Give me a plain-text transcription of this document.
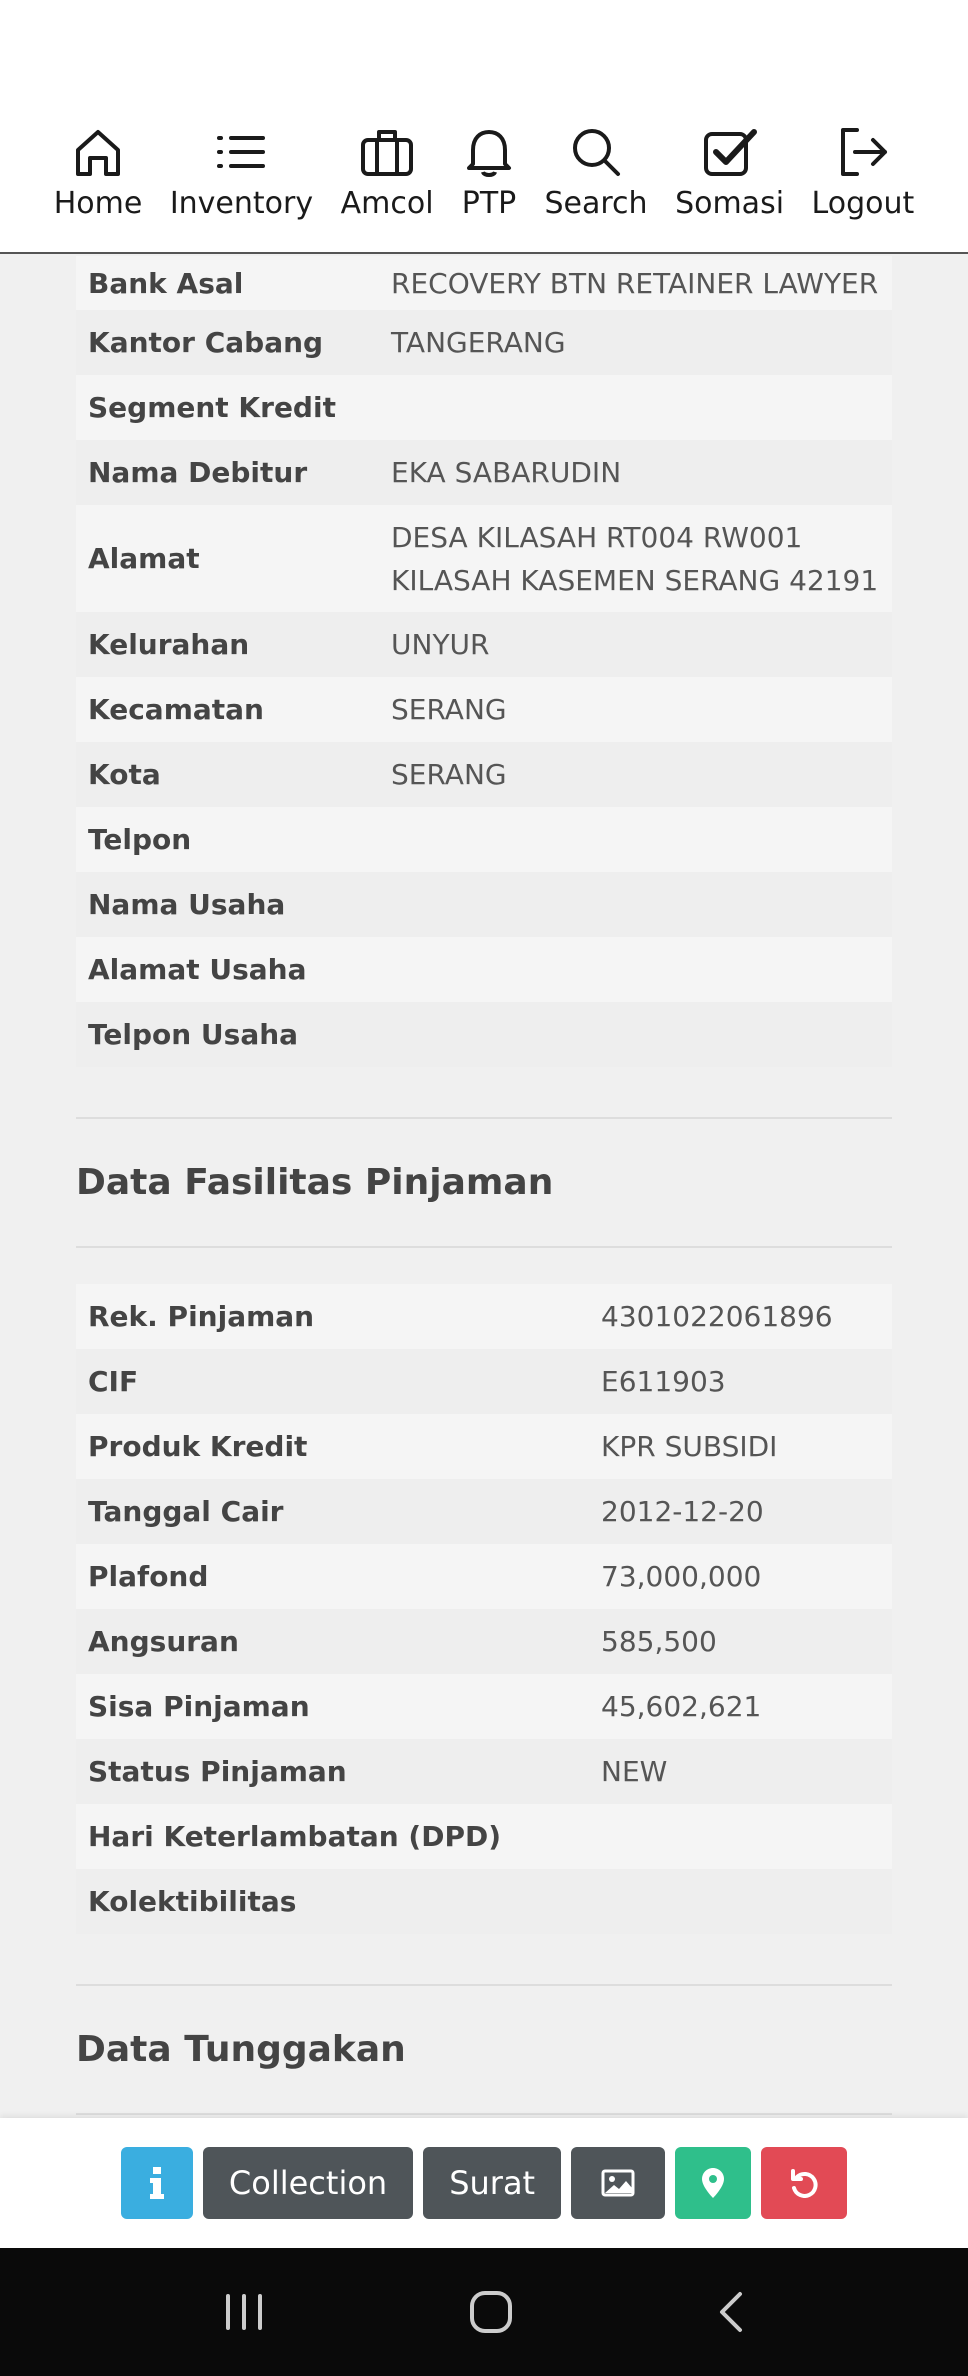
Home Inventory Amcol PTP Search Somasi Logout
Bank Asal	RECOVERY BTN RETAINER LAWYER
Kantor Cabang	TANGERANG
Segment Kredit
Nama Debitur	EKA SABARUDIN
Alamat
DESA KILASAH RT004 RW001
KILASAH KASEMEN SERANG 42191
Kelurahan	UNYUR
Kecamatan	SERANG
Kota	SERANG
Telpon
Nama Usaha
Alamat Usaha
Telpon Usaha
Data Fasilitas Pinjaman
Rek. Pinjaman	4301022061896
CIF	E611903
Produk Kredit	KPR SUBSIDI
Tanggal Cair	2012-12-20
Plafond	73,000,000
Angsuran	585,500
Sisa Pinjaman	45,602,621
Status Pinjaman	NEW
Hari Keterlambatan (DPD)
Kolektibilitas
Data Tunggakan
Collection	Surat
